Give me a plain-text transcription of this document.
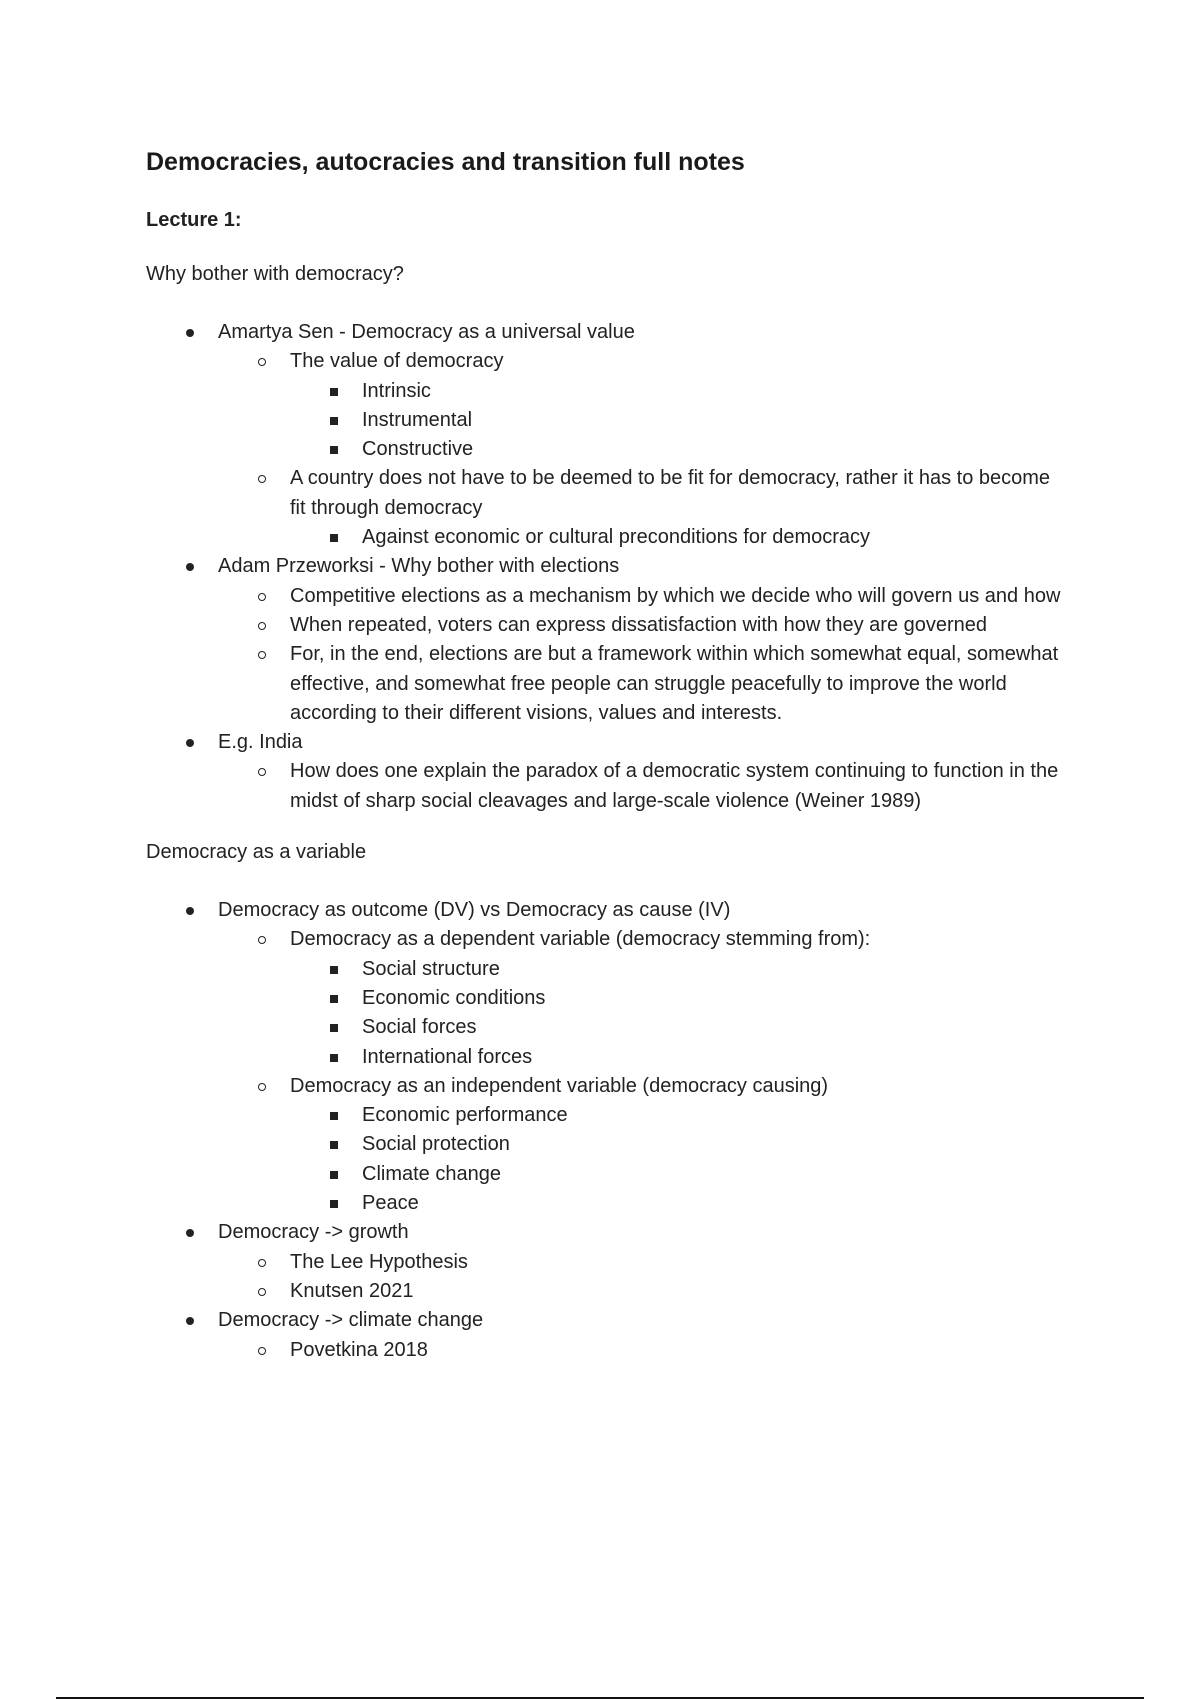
Democracies, autocracies and transition full notes
Lecture 1:
Why bother with democracy?
Amartya Sen - Democracy as a universal value
The value of democracy
Intrinsic
Instrumental
Constructive
A country does not have to be deemed to be fit for democracy, rather it has to become fit through democracy
Against economic or cultural preconditions for democracy
Adam Przeworksi - Why bother with elections
Competitive elections as a mechanism by which we decide who will govern us and how
When repeated, voters can express dissatisfaction with how they are governed
For, in the end, elections are but a framework within which somewhat equal, somewhat effective, and somewhat free people can struggle peacefully to improve the world according to their different visions, values and interests.
E.g. India
How does one explain the paradox of a democratic system continuing to function in the midst of sharp social cleavages and large-scale violence (Weiner 1989)
Democracy as a variable
Democracy as outcome (DV) vs Democracy as cause (IV)
Democracy as a dependent variable (democracy stemming from):
Social structure
Economic conditions
Social forces
International forces
Democracy as an independent variable (democracy causing)
Economic performance
Social protection
Climate change
Peace
Democracy -> growth
The Lee Hypothesis
Knutsen 2021
Democracy -> climate change
Povetkina 2018
